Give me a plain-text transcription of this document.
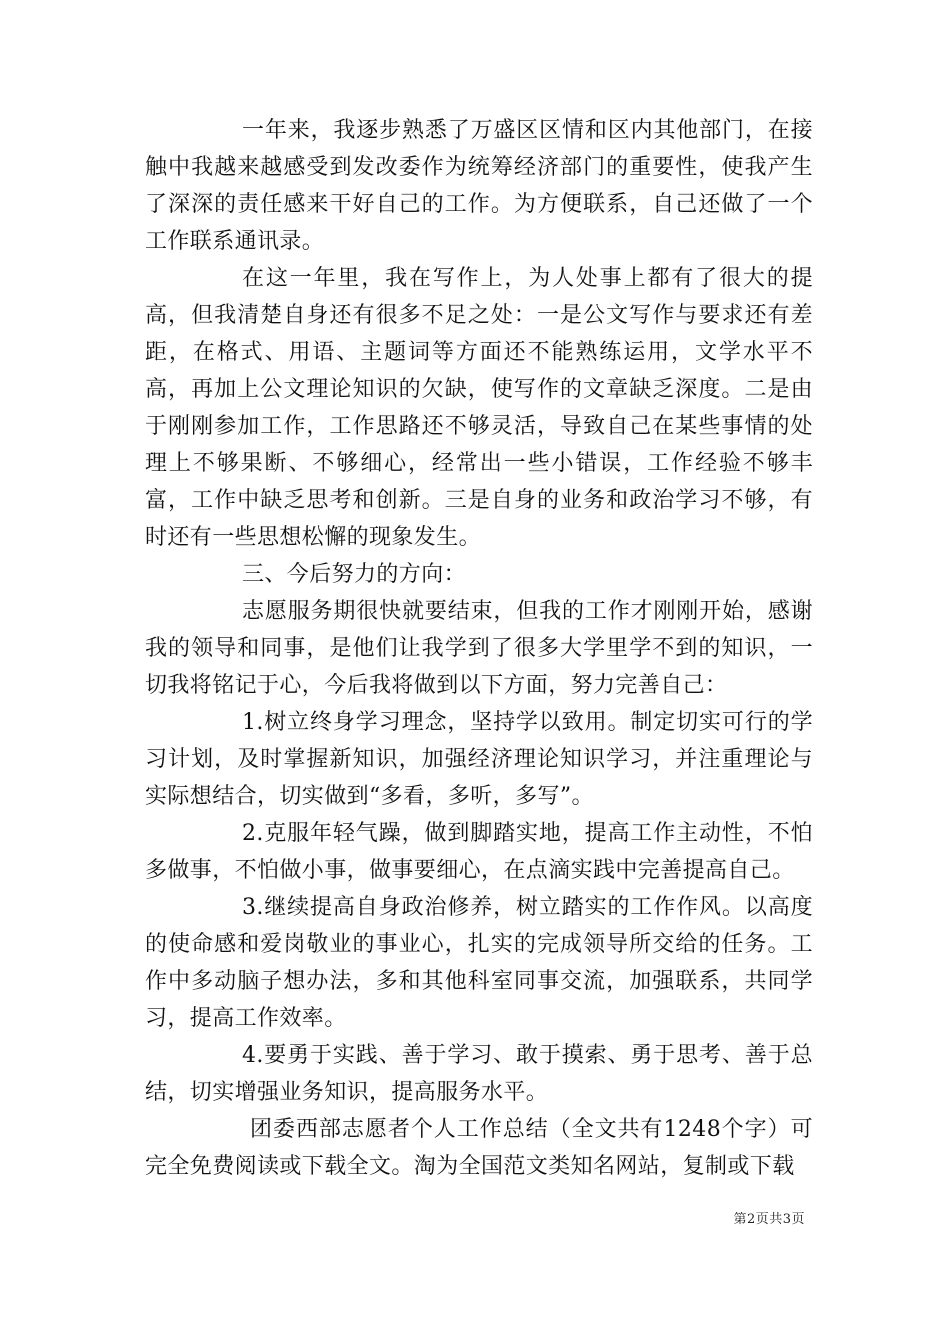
一年来，我逐步熟悉了万盛区区情和区内其他部门，在接触中我越来越感受到发改委作为统筹经济部门的重要性，使我产生了深深的责任感来干好自己的工作。为方便联系，自己还做了一个工作联系通讯录。

在这一年里，我在写作上，为人处事上都有了很大的提高，但我清楚自身还有很多不足之处：一是公文写作与要求还有差距，在格式、用语、主题词等方面还不能熟练运用，文学水平不高，再加上公文理论知识的欠缺，使写作的文章缺乏深度。二是由于刚刚参加工作，工作思路还不够灵活，导致自己在某些事情的处理上不够果断、不够细心，经常出一些小错误，工作经验不够丰富，工作中缺乏思考和创新。三是自身的业务和政治学习不够，有时还有一些思想松懈的现象发生。

三、今后努力的方向：

志愿服务期很快就要结束，但我的工作才刚刚开始，感谢我的领导和同事，是他们让我学到了很多大学里学不到的知识，一切我将铭记于心，今后我将做到以下方面，努力完善自己：

1.树立终身学习理念，坚持学以致用。制定切实可行的学习计划，及时掌握新知识，加强经济理论知识学习，并注重理论与实际想结合，切实做到“多看，多听，多写”。

2.克服年轻气躁，做到脚踏实地，提高工作主动性，不怕多做事，不怕做小事，做事要细心，在点滴实践中完善提高自己。

3.继续提高自身政治修养，树立踏实的工作作风。以高度的使命感和爱岗敬业的事业心，扎实的完成领导所交给的任务。工作中多动脑子想办法，多和其他科室同事交流，加强联系，共同学习，提高工作效率。

4.要勇于实践、善于学习、敢于摸索、勇于思考、善于总结，切实增强业务知识，提高服务水平。

团委西部志愿者个人工作总结（全文共有1248个字）可完全免费阅读或下载全文。淘为全国范文类知名网站，复制或下载

第2页共3页
